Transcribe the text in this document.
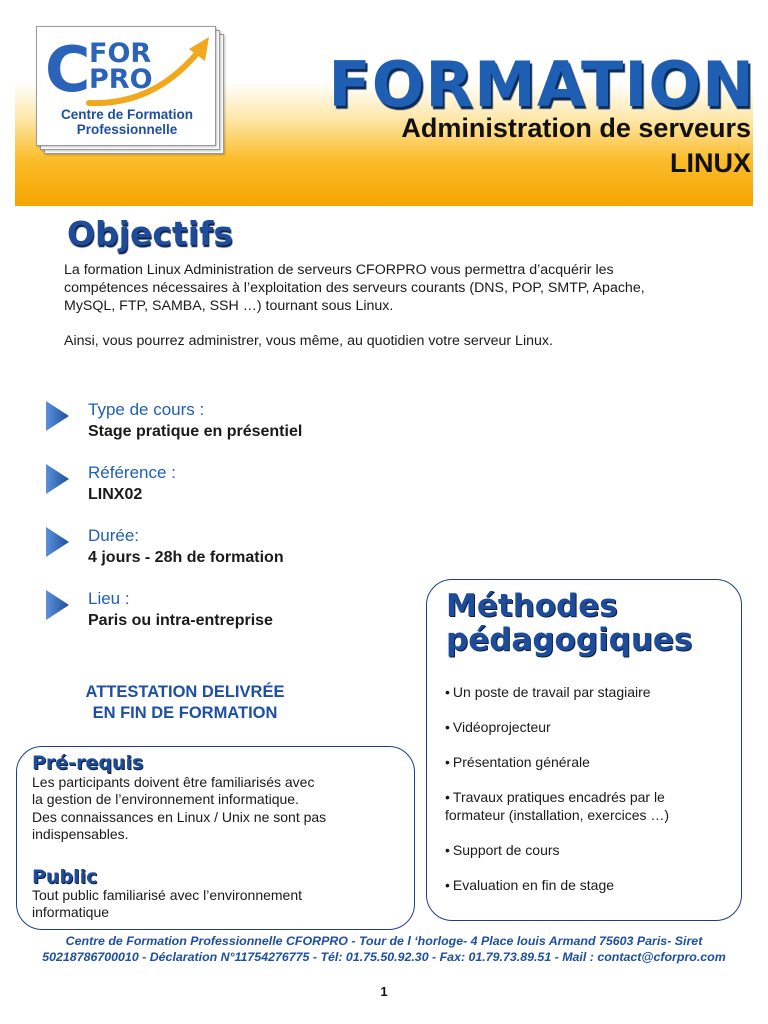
C
FOR
PRO
Centre de Formation
Professionnelle
FORMATION
Administration de serveurs
LINUX
Objectifs
La formation Linux Administration de serveurs CFORPRO vous permettra d’acquérir les
compétences nécessaires à l’exploitation des serveurs courants (DNS, POP, SMTP, Apache,
MySQL, FTP, SAMBA, SSH …) tournant sous Linux.
Ainsi, vous pourrez administrer, vous même, au quotidien votre serveur Linux.
Type de cours :
Stage pratique en présentiel
Référence :
LINX02
Durée:
4 jours - 28h de formation
Lieu :
Paris ou intra-entreprise
ATTESTATION DELIVRÉE
EN FIN DE FORMATION
Pré-requis
Les participants doivent être familiarisés avec
la gestion de l’environnement informatique.
Des connaissances en Linux / Unix ne sont pas
indispensables.
Public
Tout public familiarisé avec l’environnement
informatique
Méthodes
pédagogiques
• Un poste de travail par stagiaire
• Vidéoprojecteur
• Présentation générale
• Travaux pratiques encadrés par le
formateur (installation, exercices …)
• Support de cours
• Evaluation en fin de stage
Centre de Formation Professionnelle CFORPRO - Tour de l ‘horloge- 4 Place louis Armand 75603 Paris- Siret
50218786700010 - Déclaration N°11754276775 - Tél: 01.75.50.92.30 - Fax: 01.79.73.89.51 - Mail : contact@cforpro.com
1
